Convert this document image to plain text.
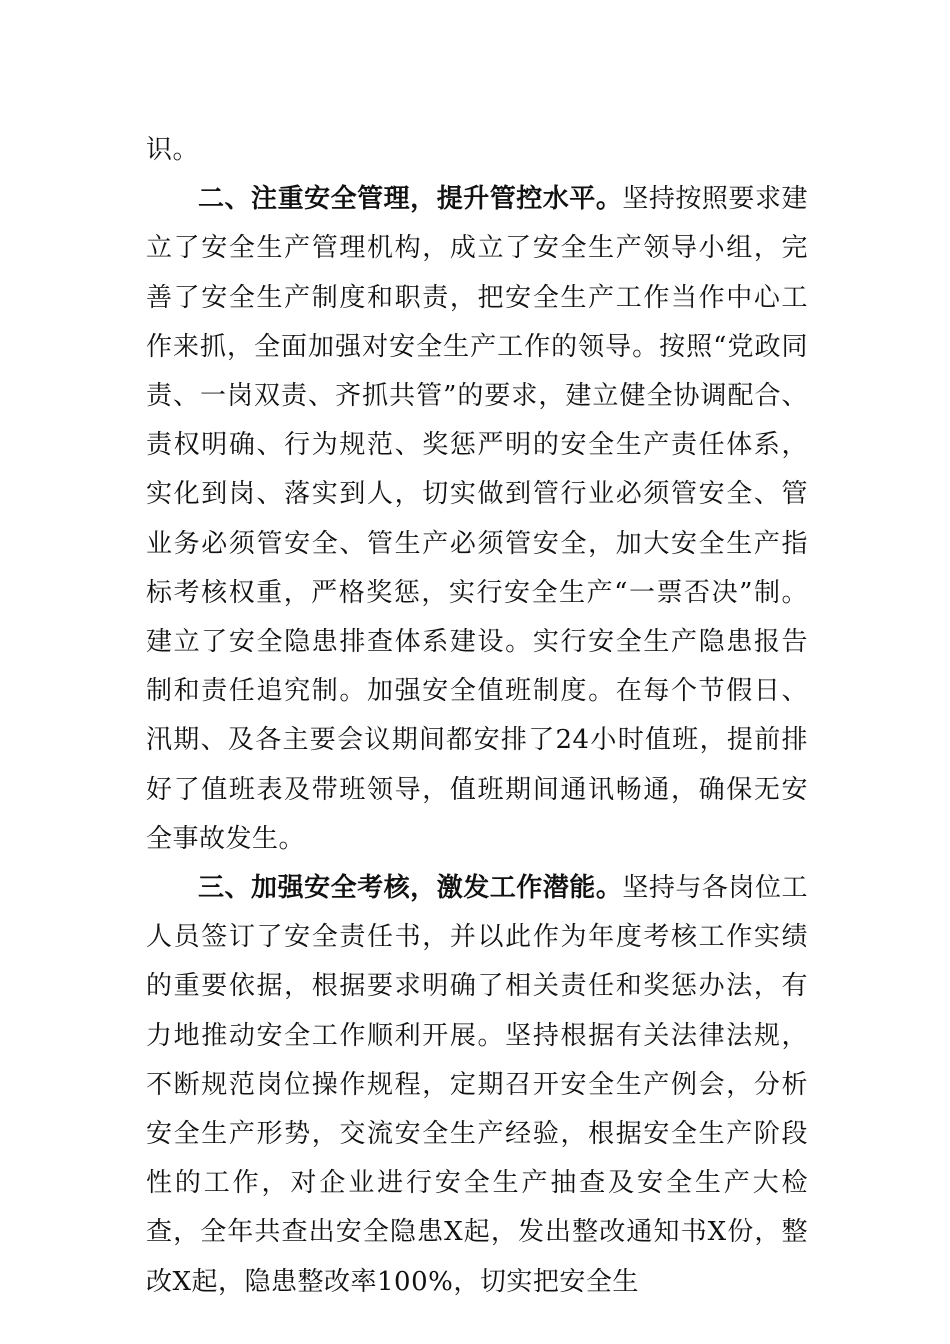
识。

二、注重安全管理，提升管控水平。坚持按照要求建立了安全生产管理机构，成立了安全生产领导小组，完善了安全生产制度和职责，把安全生产工作当作中心工作来抓，全面加强对安全生产工作的领导。按照“党政同责、一岗双责、齐抓共管”的要求，建立健全协调配合、责权明确、行为规范、奖惩严明的安全生产责任体系，实化到岗、落实到人，切实做到管行业必须管安全、管业务必须管安全、管生产必须管安全，加大安全生产指标考核权重，严格奖惩，实行安全生产“一票否决”制。建立了安全隐患排查体系建设。实行安全生产隐患报告制和责任追究制。加强安全值班制度。在每个节假日、汛期、及各主要会议期间都安排了24小时值班，提前排好了值班表及带班领导，值班期间通讯畅通，确保无安全事故发生。

三、加强安全考核，激发工作潜能。坚持与各岗位工人员签订了安全责任书，并以此作为年度考核工作实绩的重要依据，根据要求明确了相关责任和奖惩办法，有力地推动安全工作顺利开展。坚持根据有关法律法规，不断规范岗位操作规程，定期召开安全生产例会，分析安全生产形势，交流安全生产经验，根据安全生产阶段性的工作，对企业进行安全生产抽查及安全生产大检查，全年共查出安全隐患X起，发出整改通知书X份，整改X起，隐患整改率100%，切实把安全生
